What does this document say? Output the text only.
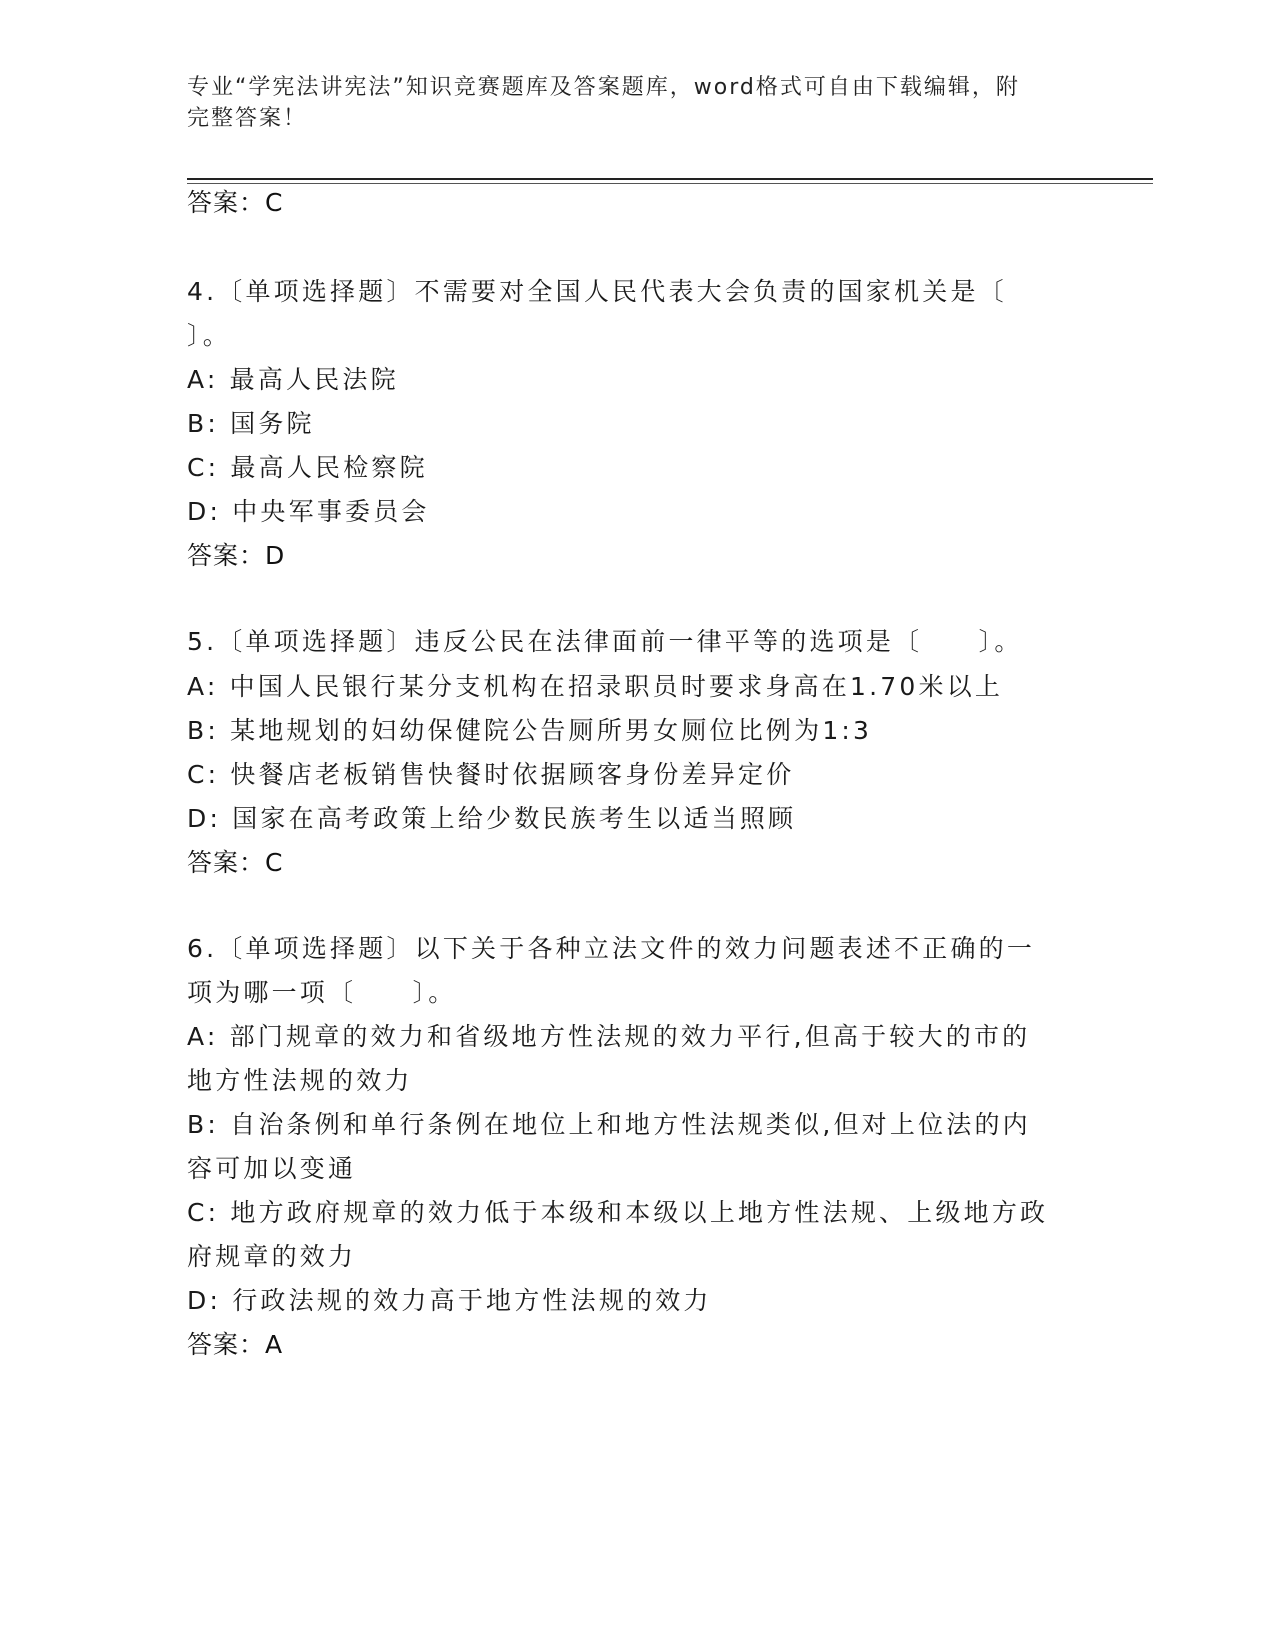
专业“学宪法讲宪法”知识竞赛题库及答案题库，word格式可自由下载编辑，附
完整答案！
答案：C
4.〔单项选择题〕不需要对全国人民代表大会负责的国家机关是〔
〕。
A: 最高人民法院
B: 国务院
C: 最高人民检察院
D: 中央军事委员会
答案：D
5.〔单项选择题〕违反公民在法律面前一律平等的选项是〔　　〕。
A: 中国人民银行某分支机构在招录职员时要求身高在1.70米以上
B: 某地规划的妇幼保健院公告厕所男女厕位比例为1:3
C: 快餐店老板销售快餐时依据顾客身份差异定价
D: 国家在高考政策上给少数民族考生以适当照顾
答案：C
6.〔单项选择题〕以下关于各种立法文件的效力问题表述不正确的一
项为哪一项〔　　〕。
A: 部门规章的效力和省级地方性法规的效力平行,但高于较大的市的
地方性法规的效力
B: 自治条例和单行条例在地位上和地方性法规类似,但对上位法的内
容可加以变通
C: 地方政府规章的效力低于本级和本级以上地方性法规、上级地方政
府规章的效力
D: 行政法规的效力高于地方性法规的效力
答案：A
